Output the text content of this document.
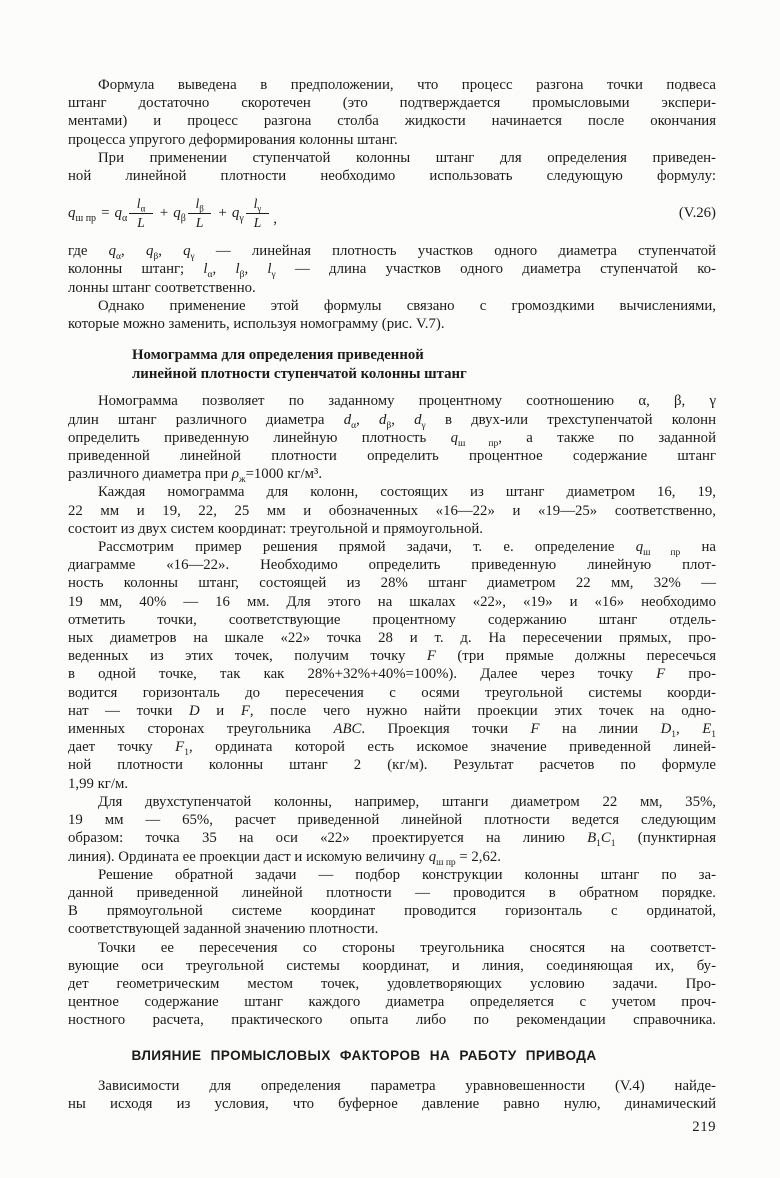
Формула выведена в предположении, что процесс разгона точки подвеса
штанг достаточно скоротечен (это подтверждается промысловыми экспери-
ментами) и процесс разгона столба жидкости начинается после окончания
процесса упругого деформирования колонны штанг.
При применении ступенчатой колонны штанг для определения приведен-
ной линейной плотности необходимо использовать следующую формулу:
$q_{ш пр} = q_\alpha \frac{l_\alpha}{L} + q_\beta \frac{l_\beta}{L} + q_\gamma \frac{l_\gamma}{L}$ ,	(V.26)
где $q_\alpha$, $q_\beta$, $q_\gamma$ — линейная плотность участков одного диаметра ступенчатой
колонны штанг; $l_\alpha$, $l_\beta$, $l_\gamma$ — длина участков одного диаметра ступенчатой ко-
лонны штанг соответственно.
Однако применение этой формулы связано с громоздкими вычислениями,
которые можно заменить, используя номограмму (рис. V.7).
Номограмма для определения приведенной
линейной плотности ступенчатой колонны штанг
Номограмма позволяет по заданному процентному соотношению α, β, γ
длин штанг различного диаметра $d_\alpha$, $d_\beta$, $d_\gamma$ в двух-или трехступенчатой колонн
определить приведенную линейную плотность $q_{ш пр}$, а также по заданной
приведенной линейной плотности определить процентное содержание штанг
различного диаметра при $\rho_ж=1000$ кг/м³.
Каждая номограмма для колонн, состоящих из штанг диаметром 16, 19,
22 мм и 19, 22, 25 мм и обозначенных «16—22» и «19—25» соответственно,
состоит из двух систем координат: треугольной и прямоугольной.
Рассмотрим пример решения прямой задачи, т. е. определение $q_{ш пр}$ на
диаграмме «16—22». Необходимо определить приведенную линейную плот-
ность колонны штанг, состоящей из 28% штанг диаметром 22 мм, 32% —
19 мм, 40% — 16 мм. Для этого на шкалах «22», «19» и «16» необходимо
отметить точки, соответствующие процентному содержанию штанг отдель-
ных диаметров на шкале «22» точка 28 и т. д. На пересечении прямых, про-
веденных из этих точек, получим точку F (три прямые должны пересечься
в одной точке, так как 28%+32%+40%=100%). Далее через точку F про-
водится горизонталь до пересечения с осями треугольной системы коорди-
нат — точки D и F, после чего нужно найти проекции этих точек на одно-
именных сторонах треугольника ABC. Проекция точки F на линии $D_1$, $E_1$
дает точку $F_1$, ордината которой есть искомое значение приведенной линей-
ной плотности колонны штанг 2 (кг/м). Результат расчетов по формуле
1,99 кг/м.
Для двухступенчатой колонны, например, штанги диаметром 22 мм, 35%,
19 мм — 65%, расчет приведенной линейной плотности ведется следующим
образом: точка 35 на оси «22» проектируется на линию $B_1C_1$ (пунктирная
линия). Ордината ее проекции даст и искомую величину $q_{ш пр} = 2,62$.
Решение обратной задачи — подбор конструкции колонны штанг по за-
данной приведенной линейной плотности — проводится в обратном порядке.
В прямоугольной системе координат проводится горизонталь с ординатой,
соответствующей заданной значению плотности.
Точки ее пересечения со стороны треугольника сносятся на соответст-
вующие оси треугольной системы координат, и линия, соединяющая их, бу-
дет геометрическим местом точек, удовлетворяющих условию задачи. Про-
центное содержание штанг каждого диаметра определяется с учетом проч-
ностного расчета, практического опыта либо по рекомендации справочника.
ВЛИЯНИЕ ПРОМЫСЛОВЫХ ФАКТОРОВ НА РАБОТУ ПРИВОДА
Зависимости для определения параметра уравновешенности (V.4) найде-
ны исходя из условия, что буферное давление равно нулю, динамический
219
